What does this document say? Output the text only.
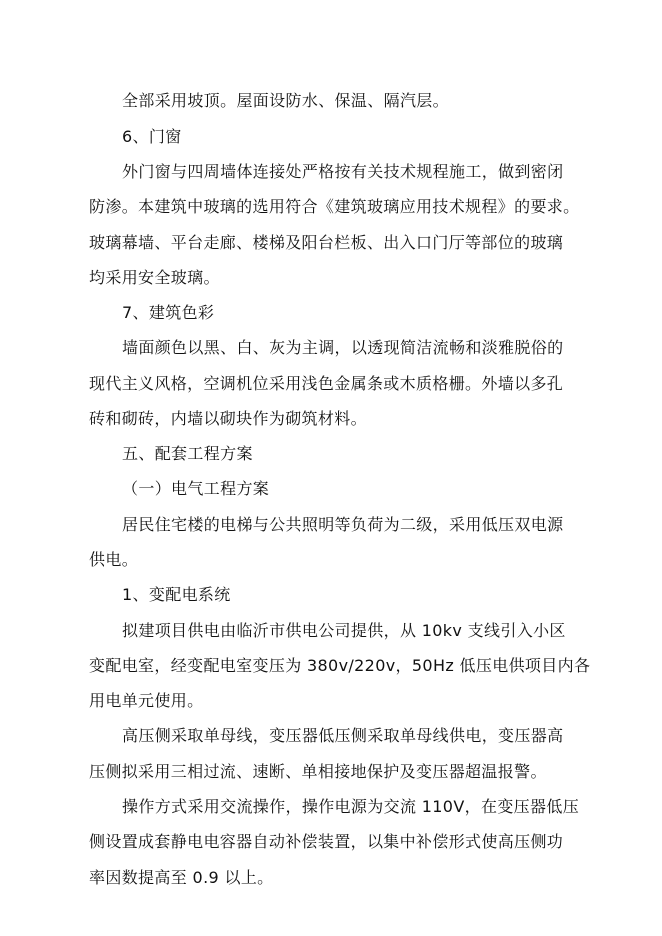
全部采用坡顶。屋面设防水、保温、隔汽层。
6、门窗
外门窗与四周墙体连接处严格按有关技术规程施工，做到密闭
防渗。本建筑中玻璃的选用符合《建筑玻璃应用技术规程》的要求。
玻璃幕墙、平台走廊、楼梯及阳台栏板、出入口门厅等部位的玻璃
均采用安全玻璃。
7、建筑色彩
墙面颜色以黑、白、灰为主调，以透现简洁流畅和淡雅脱俗的
现代主义风格，空调机位采用浅色金属条或木质格栅。外墙以多孔
砖和砌砖，内墙以砌块作为砌筑材料。
五、配套工程方案
（一）电气工程方案
居民住宅楼的电梯与公共照明等负荷为二级，采用低压双电源
供电。
1、变配电系统
拟建项目供电由临沂市供电公司提供，从 10kv 支线引入小区
变配电室，经变配电室变压为 380v/220v，50Hz 低压电供项目内各
用电单元使用。
高压侧采取单母线，变压器低压侧采取单母线供电，变压器高
压侧拟采用三相过流、速断、单相接地保护及变压器超温报警。
操作方式采用交流操作，操作电源为交流 110V，在变压器低压
侧设置成套静电电容器自动补偿装置，以集中补偿形式使高压侧功
率因数提高至 0.9 以上。
